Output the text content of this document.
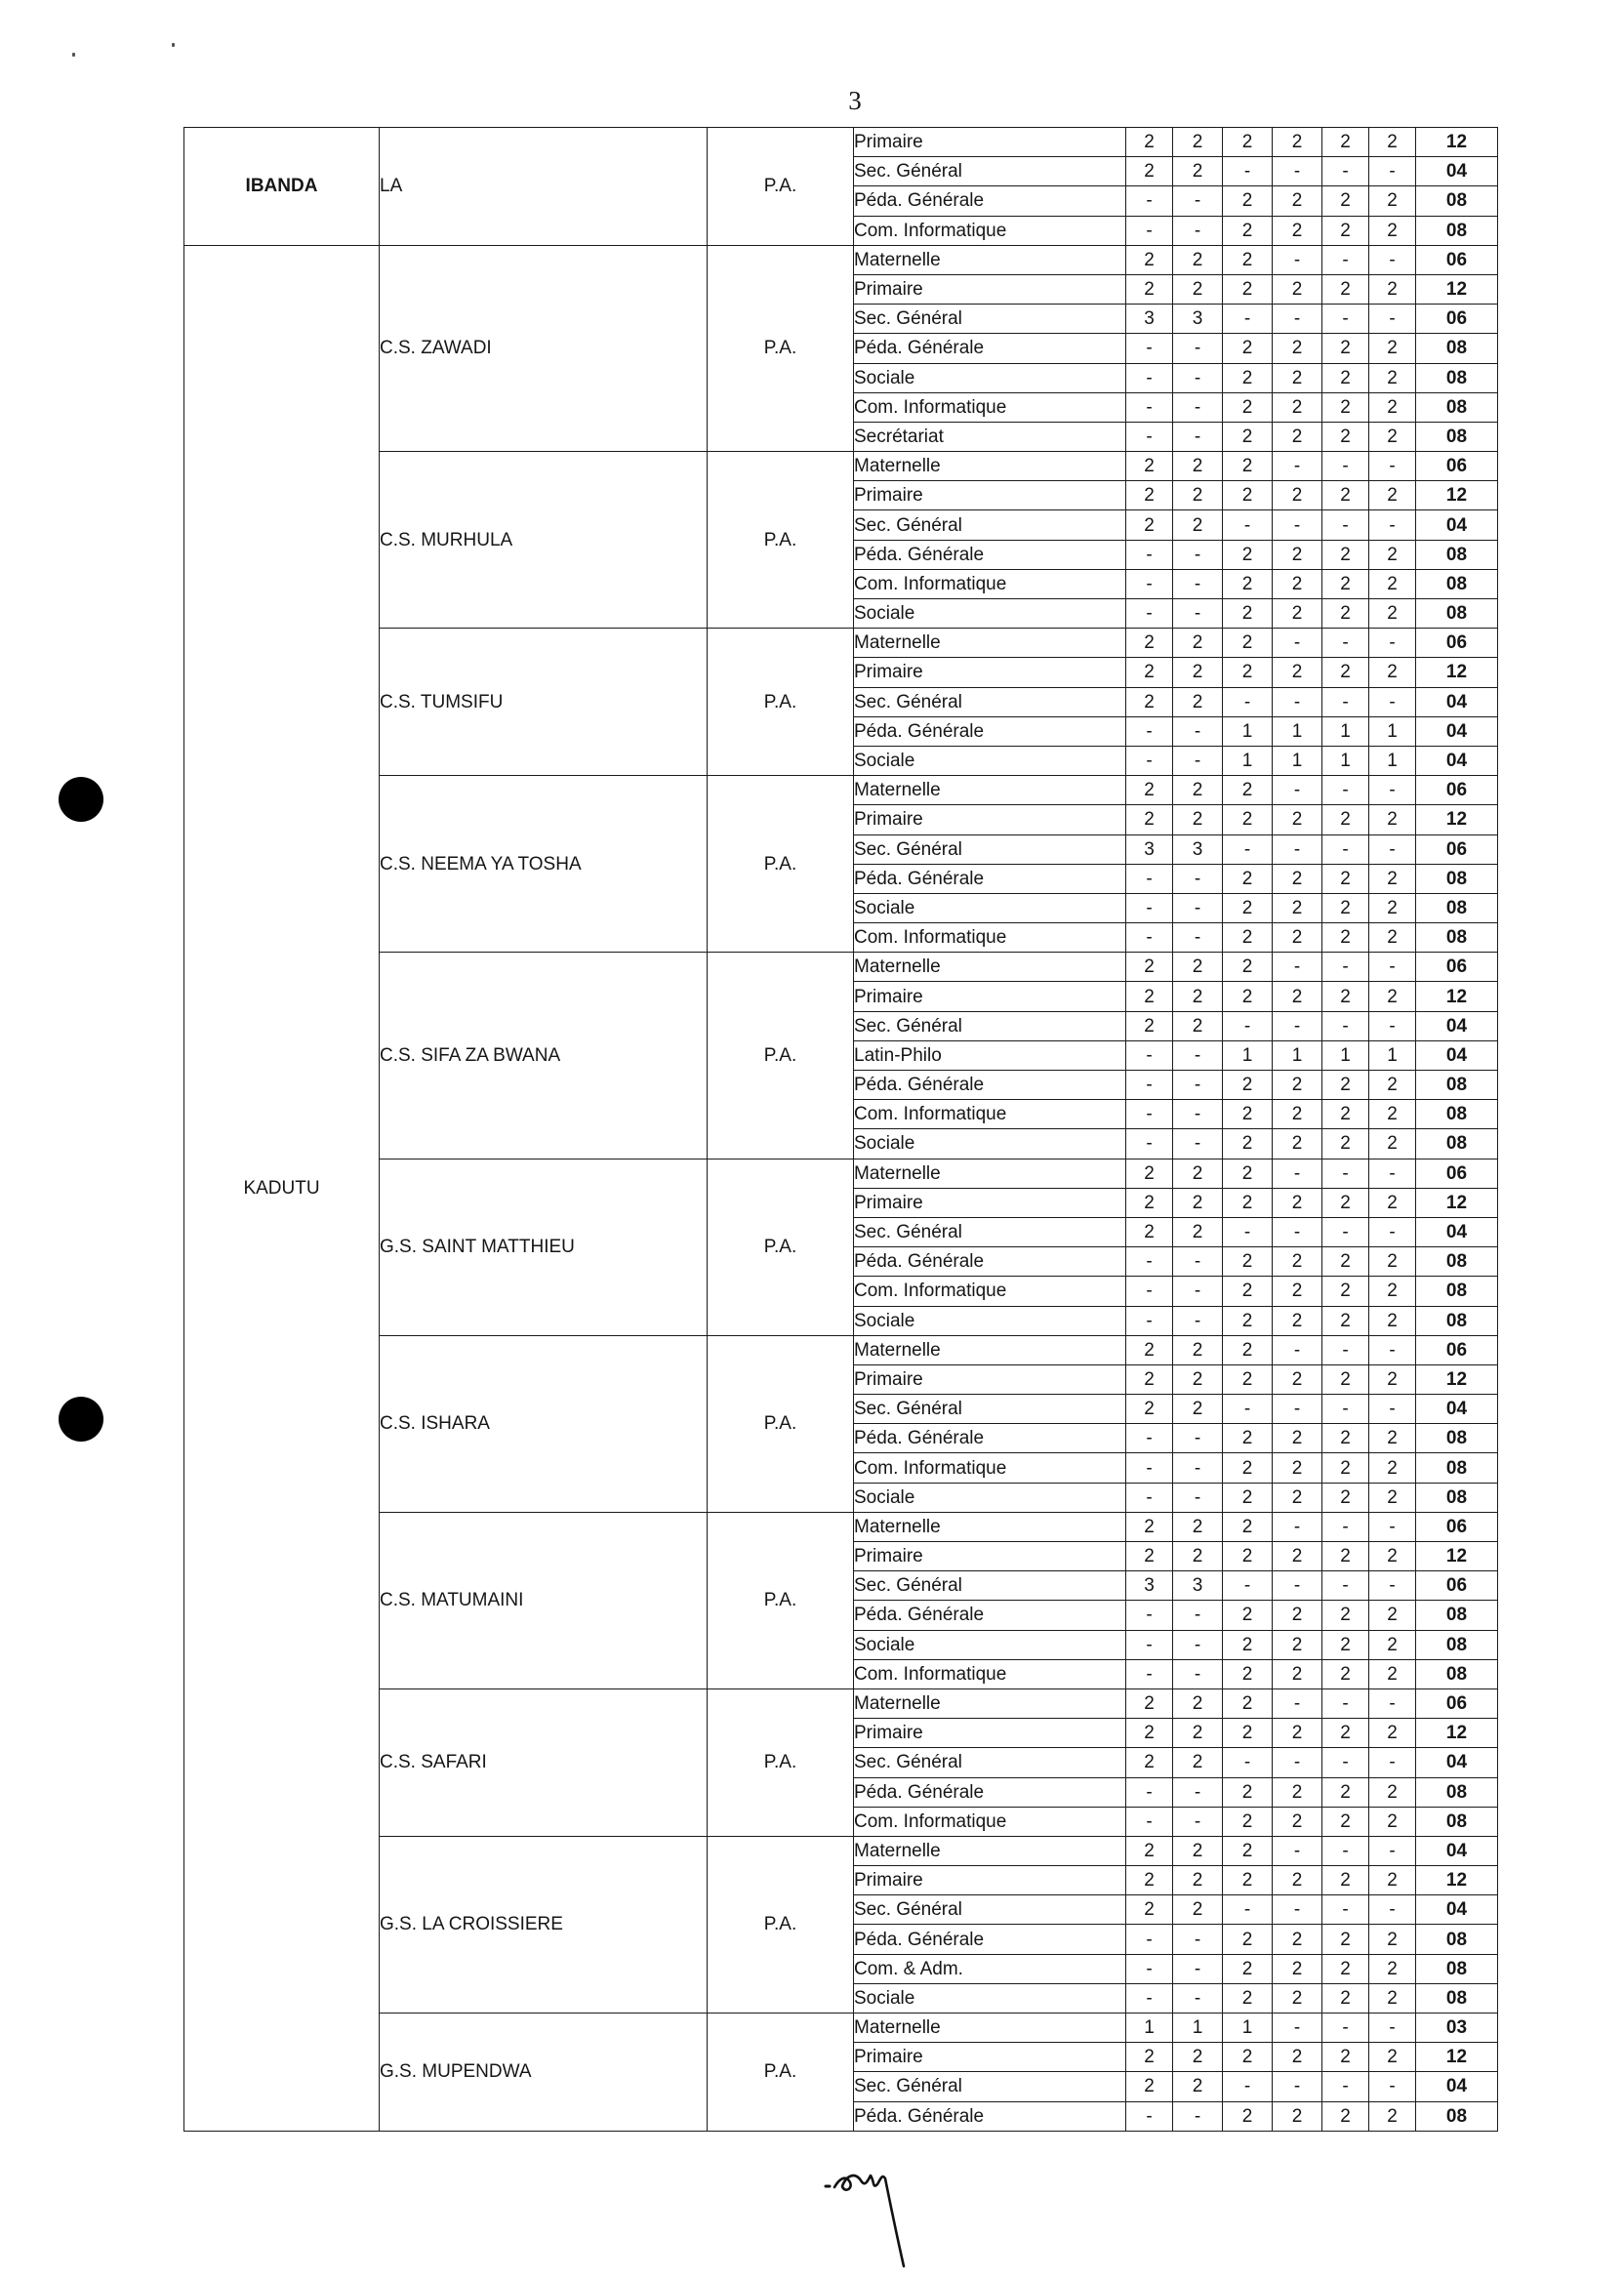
3
IBANDA	LA	P.A.	Primaire	2	2	2	2	2	2	12
			Sec. Général	2	2	-	-	-	-	04
			Péda. Générale	-	-	2	2	2	2	08
			Com. Informatique	-	-	2	2	2	2	08
KADUTU	C.S. ZAWADI	P.A.	Maternelle	2	2	2	-	-	-	06
			Primaire	2	2	2	2	2	2	12
			Sec. Général	3	3	-	-	-	-	06
			Péda. Générale	-	-	2	2	2	2	08
			Sociale	-	-	2	2	2	2	08
			Com. Informatique	-	-	2	2	2	2	08
			Secrétariat	-	-	2	2	2	2	08
	C.S. MURHULA	P.A.	Maternelle	2	2	2	-	-	-	06
			Primaire	2	2	2	2	2	2	12
			Sec. Général	2	2	-	-	-	-	04
			Péda. Générale	-	-	2	2	2	2	08
			Com. Informatique	-	-	2	2	2	2	08
			Sociale	-	-	2	2	2	2	08
	C.S. TUMSIFU	P.A.	Maternelle	2	2	2	-	-	-	06
			Primaire	2	2	2	2	2	2	12
			Sec. Général	2	2	-	-	-	-	04
			Péda. Générale	-	-	1	1	1	1	04
			Sociale	-	-	1	1	1	1	04
	C.S. NEEMA YA TOSHA	P.A.	Maternelle	2	2	2	-	-	-	06
			Primaire	2	2	2	2	2	2	12
			Sec. Général	3	3	-	-	-	-	06
			Péda. Générale	-	-	2	2	2	2	08
			Sociale	-	-	2	2	2	2	08
			Com. Informatique	-	-	2	2	2	2	08
	C.S. SIFA ZA BWANA	P.A.	Maternelle	2	2	2	-	-	-	06
			Primaire	2	2	2	2	2	2	12
			Sec. Général	2	2	-	-	-	-	04
			Latin-Philo	-	-	1	1	1	1	04
			Péda. Générale	-	-	2	2	2	2	08
			Com. Informatique	-	-	2	2	2	2	08
			Sociale	-	-	2	2	2	2	08
	G.S. SAINT MATTHIEU	P.A.	Maternelle	2	2	2	-	-	-	06
			Primaire	2	2	2	2	2	2	12
			Sec. Général	2	2	-	-	-	-	04
			Péda. Générale	-	-	2	2	2	2	08
			Com. Informatique	-	-	2	2	2	2	08
			Sociale	-	-	2	2	2	2	08
	C.S. ISHARA	P.A.	Maternelle	2	2	2	-	-	-	06
			Primaire	2	2	2	2	2	2	12
			Sec. Général	2	2	-	-	-	-	04
			Péda. Générale	-	-	2	2	2	2	08
			Com. Informatique	-	-	2	2	2	2	08
			Sociale	-	-	2	2	2	2	08
	C.S. MATUMAINI	P.A.	Maternelle	2	2	2	-	-	-	06
			Primaire	2	2	2	2	2	2	12
			Sec. Général	3	3	-	-	-	-	06
			Péda. Générale	-	-	2	2	2	2	08
			Sociale	-	-	2	2	2	2	08
			Com. Informatique	-	-	2	2	2	2	08
	C.S. SAFARI	P.A.	Maternelle	2	2	2	-	-	-	06
			Primaire	2	2	2	2	2	2	12
			Sec. Général	2	2	-	-	-	-	04
			Péda. Générale	-	-	2	2	2	2	08
			Com. Informatique	-	-	2	2	2	2	08
	G.S. LA CROISSIERE	P.A.	Maternelle	2	2	2	-	-	-	04
			Primaire	2	2	2	2	2	2	12
			Sec. Général	2	2	-	-	-	-	04
			Péda. Générale	-	-	2	2	2	2	08
			Com. & Adm.	-	-	2	2	2	2	08
			Sociale	-	-	2	2	2	2	08
	G.S. MUPENDWA	P.A.	Maternelle	1	1	1	-	-	-	03
			Primaire	2	2	2	2	2	2	12
			Sec. Général	2	2	-	-	-	-	04
			Péda. Générale	-	-	2	2	2	2	08
